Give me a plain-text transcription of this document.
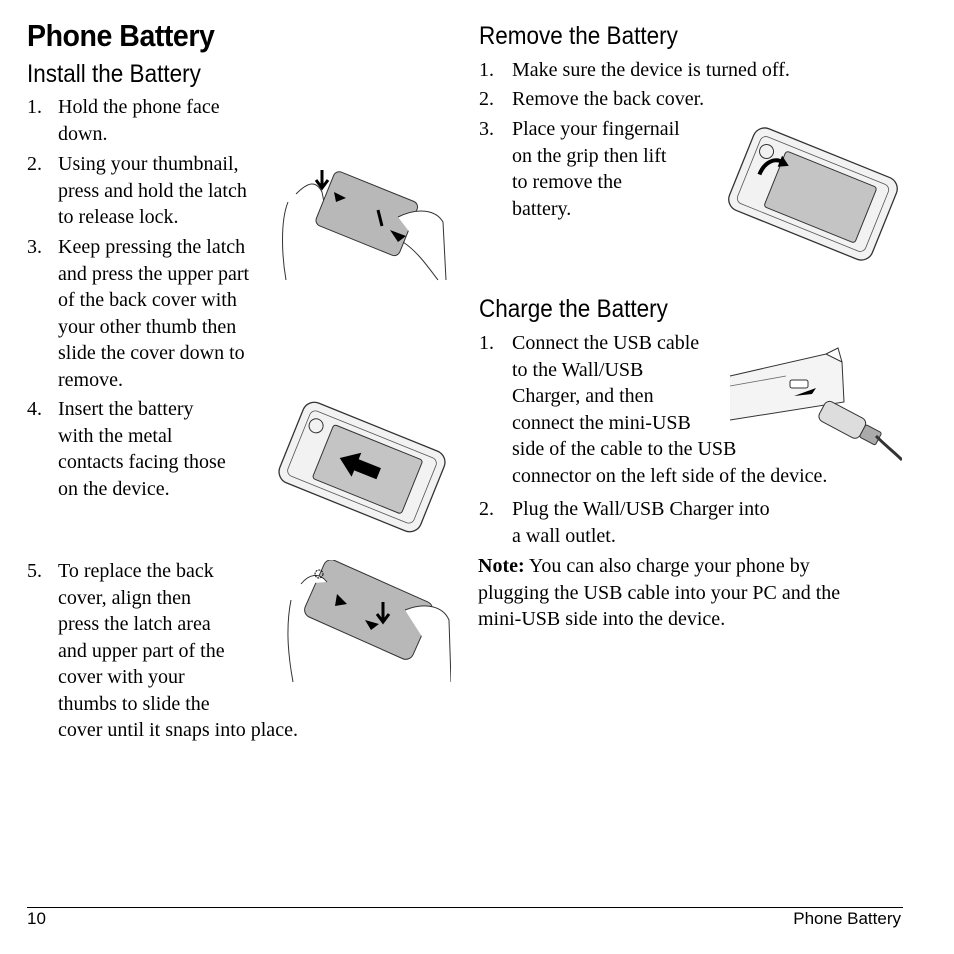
Phone Battery
Install the Battery
1. Hold the phone face
down.
2. Using your thumbnail,
press and hold the latch
to release lock.
3. Keep pressing the latch
and press the upper part
of the back cover with
your other thumb then
slide the cover down to
remove.
4. Insert the battery
with the metal
contacts facing those
on the device.
5. To replace the back
cover, align then
press the latch area
and upper part of the
cover with your
thumbs to slide the
cover until it snaps into place.
Remove the Battery
1. Make sure the device is turned off.
2. Remove the back cover.
3. Place your fingernail
on the grip then lift
to remove the
battery.
Charge the Battery
1. Connect the USB cable
to the Wall/USB
Charger, and then
connect the mini-USB
side of the cable to the USB
connector on the left side of the device.
2. Plug the Wall/USB Charger into
a wall outlet.
Note: You can also charge your phone by
plugging the USB cable into your PC and the
mini-USB side into the device.
10	Phone Battery
